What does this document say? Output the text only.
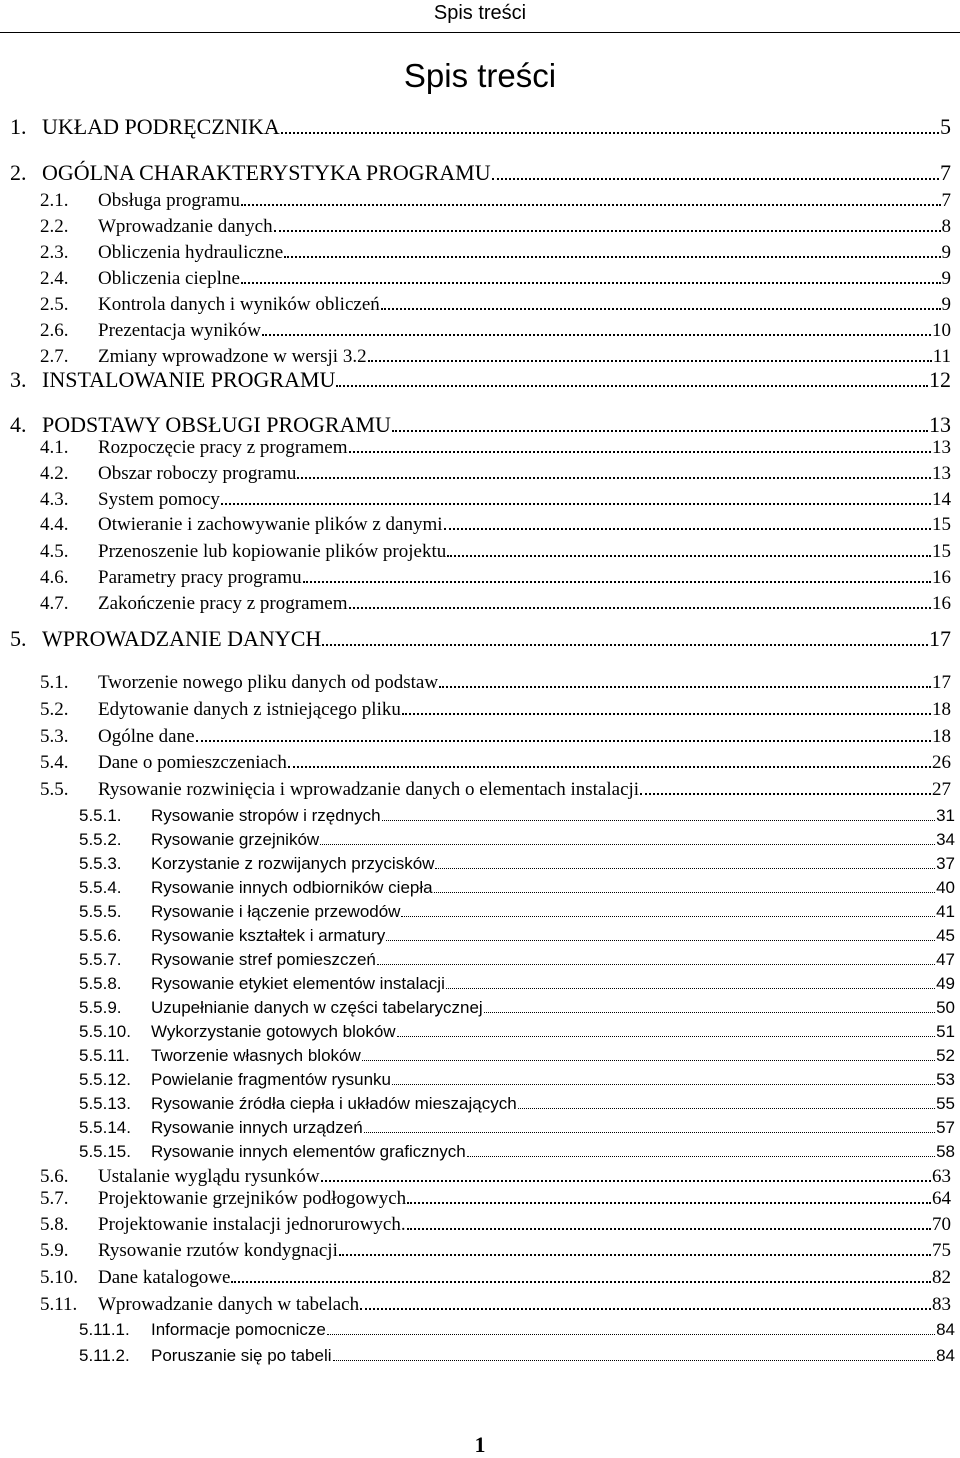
Spis treści
Spis treści
1. UKŁAD PODRĘCZNIKA	5
2. OGÓLNA CHARAKTERYSTYKA PROGRAMU	7
2.1.	Obsługa programu	7
2.2.	Wprowadzanie danych	8
2.3.	Obliczenia hydrauliczne	9
2.4.	Obliczenia cieplne	9
2.5.	Kontrola danych i wyników obliczeń	9
2.6.	Prezentacja wyników	10
2.7.	Zmiany wprowadzone w wersji 3.2	11
3. INSTALOWANIE PROGRAMU	12
4. PODSTAWY OBSŁUGI PROGRAMU	13
4.1.	Rozpoczęcie pracy z programem	13
4.2.	Obszar roboczy programu	13
4.3.	System pomocy	14
4.4.	Otwieranie i zachowywanie plików z danymi	15
4.5.	Przenoszenie lub kopiowanie plików projektu	15
4.6.	Parametry pracy programu	16
4.7.	Zakończenie pracy z programem	16
5. WPROWADZANIE DANYCH	17
5.1.	Tworzenie nowego pliku danych od podstaw	17
5.2.	Edytowanie danych z istniejącego pliku	18
5.3.	Ogólne dane	18
5.4.	Dane o pomieszczeniach	26
5.5.	Rysowanie rozwinięcia i wprowadzanie danych o elementach instalacji	27
5.5.1.	Rysowanie stropów i rzędnych	31
5.5.2.	Rysowanie grzejników	34
5.5.3.	Korzystanie z rozwijanych przycisków	37
5.5.4.	Rysowanie innych odbiorników ciepła	40
5.5.5.	Rysowanie i łączenie przewodów	41
5.5.6.	Rysowanie kształtek i armatury	45
5.5.7.	Rysowanie stref pomieszczeń	47
5.5.8.	Rysowanie etykiet elementów instalacji	49
5.5.9.	Uzupełnianie danych w części tabelarycznej	50
5.5.10.	Wykorzystanie gotowych bloków	51
5.5.11.	Tworzenie własnych bloków	52
5.5.12.	Powielanie fragmentów rysunku	53
5.5.13.	Rysowanie źródła ciepła i układów mieszających	55
5.5.14.	Rysowanie innych urządzeń	57
5.5.15.	Rysowanie innych elementów graficznych	58
5.6.	Ustalanie wyglądu rysunków	63
5.7.	Projektowanie grzejników podłogowych	64
5.8.	Projektowanie instalacji jednorurowych.	70
5.9.	Rysowanie rzutów kondygnacji	75
5.10.	Dane katalogowe	82
5.11.	Wprowadzanie danych w tabelach	83
5.11.1.	Informacje pomocnicze	84
5.11.2.	Poruszanie się po tabeli	84
1
